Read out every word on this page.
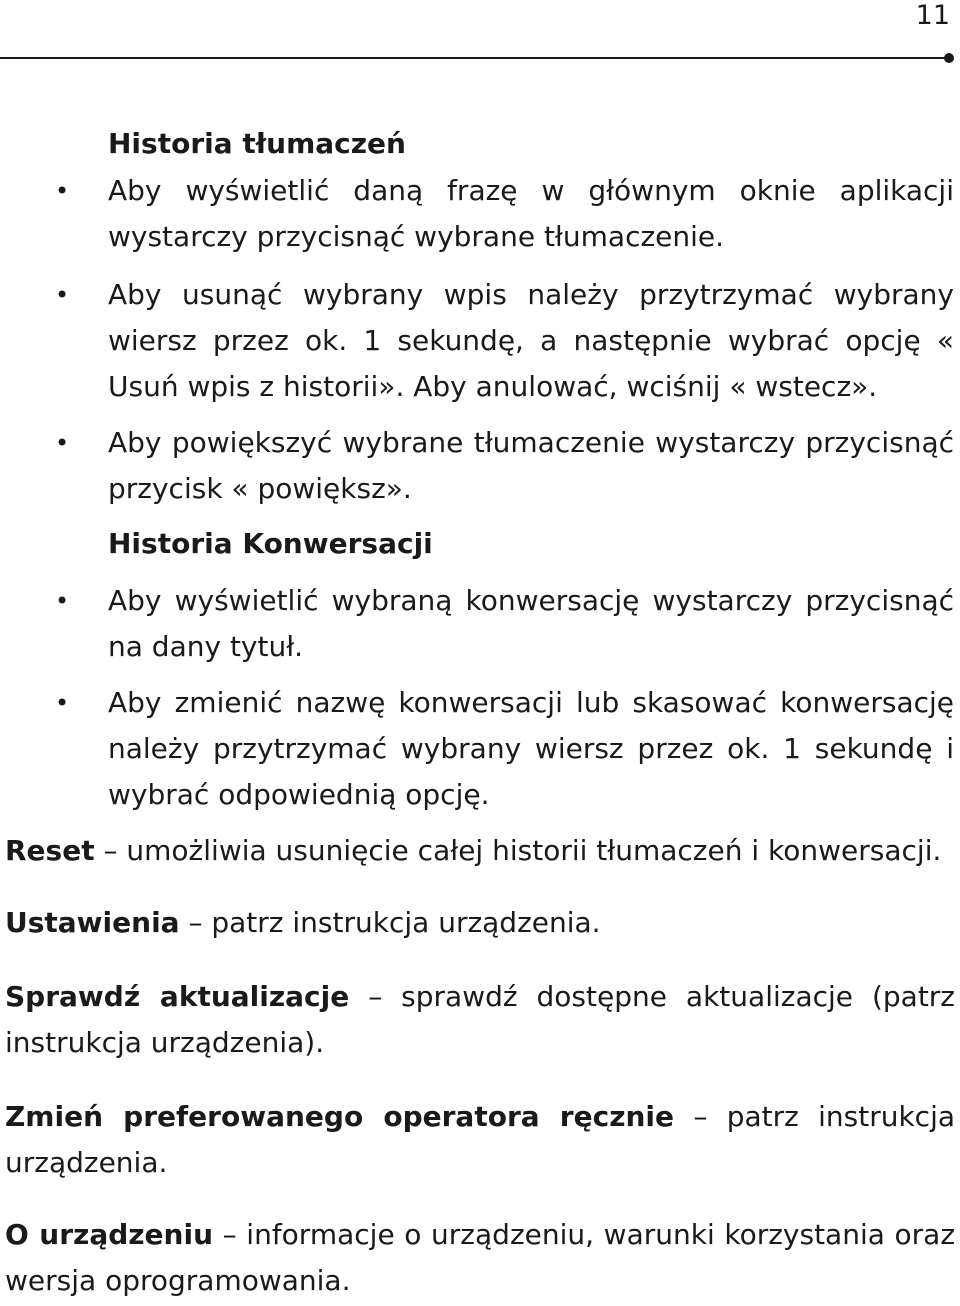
11
Historia tłumaczeń
• Aby wyświetlić daną frazę w głównym oknie aplikacji wystarczy przycisnąć wybrane tłumaczenie.

• Aby usunąć wybrany wpis należy przytrzymać wybrany wiersz przez ok. 1 sekundę, a następnie wybrać opcję « Usuń wpis z historii». Aby anulować, wciśnij « wstecz».

• Aby powiększyć wybrane tłumaczenie wystarczy przycisnąć przycisk « powiększ».

Historia Konwersacji
• Aby wyświetlić wybraną konwersację wystarczy przycisnąć na dany tytuł.

• Aby zmienić nazwę konwersacji lub skasować konwersację należy przytrzymać wybrany wiersz przez ok. 1 sekundę i wybrać odpowiednią opcję.

Reset – umożliwia usunięcie całej historii tłumaczeń i konwersacji.

Ustawienia – patrz instrukcja urządzenia.

Sprawdź aktualizacje – sprawdź dostępne aktualizacje (patrz instrukcja urządzenia).

Zmień preferowanego operatora ręcznie – patrz instrukcja urządzenia.

O urządzeniu – informacje o urządzeniu, warunki korzystania oraz wersja oprogramowania.
